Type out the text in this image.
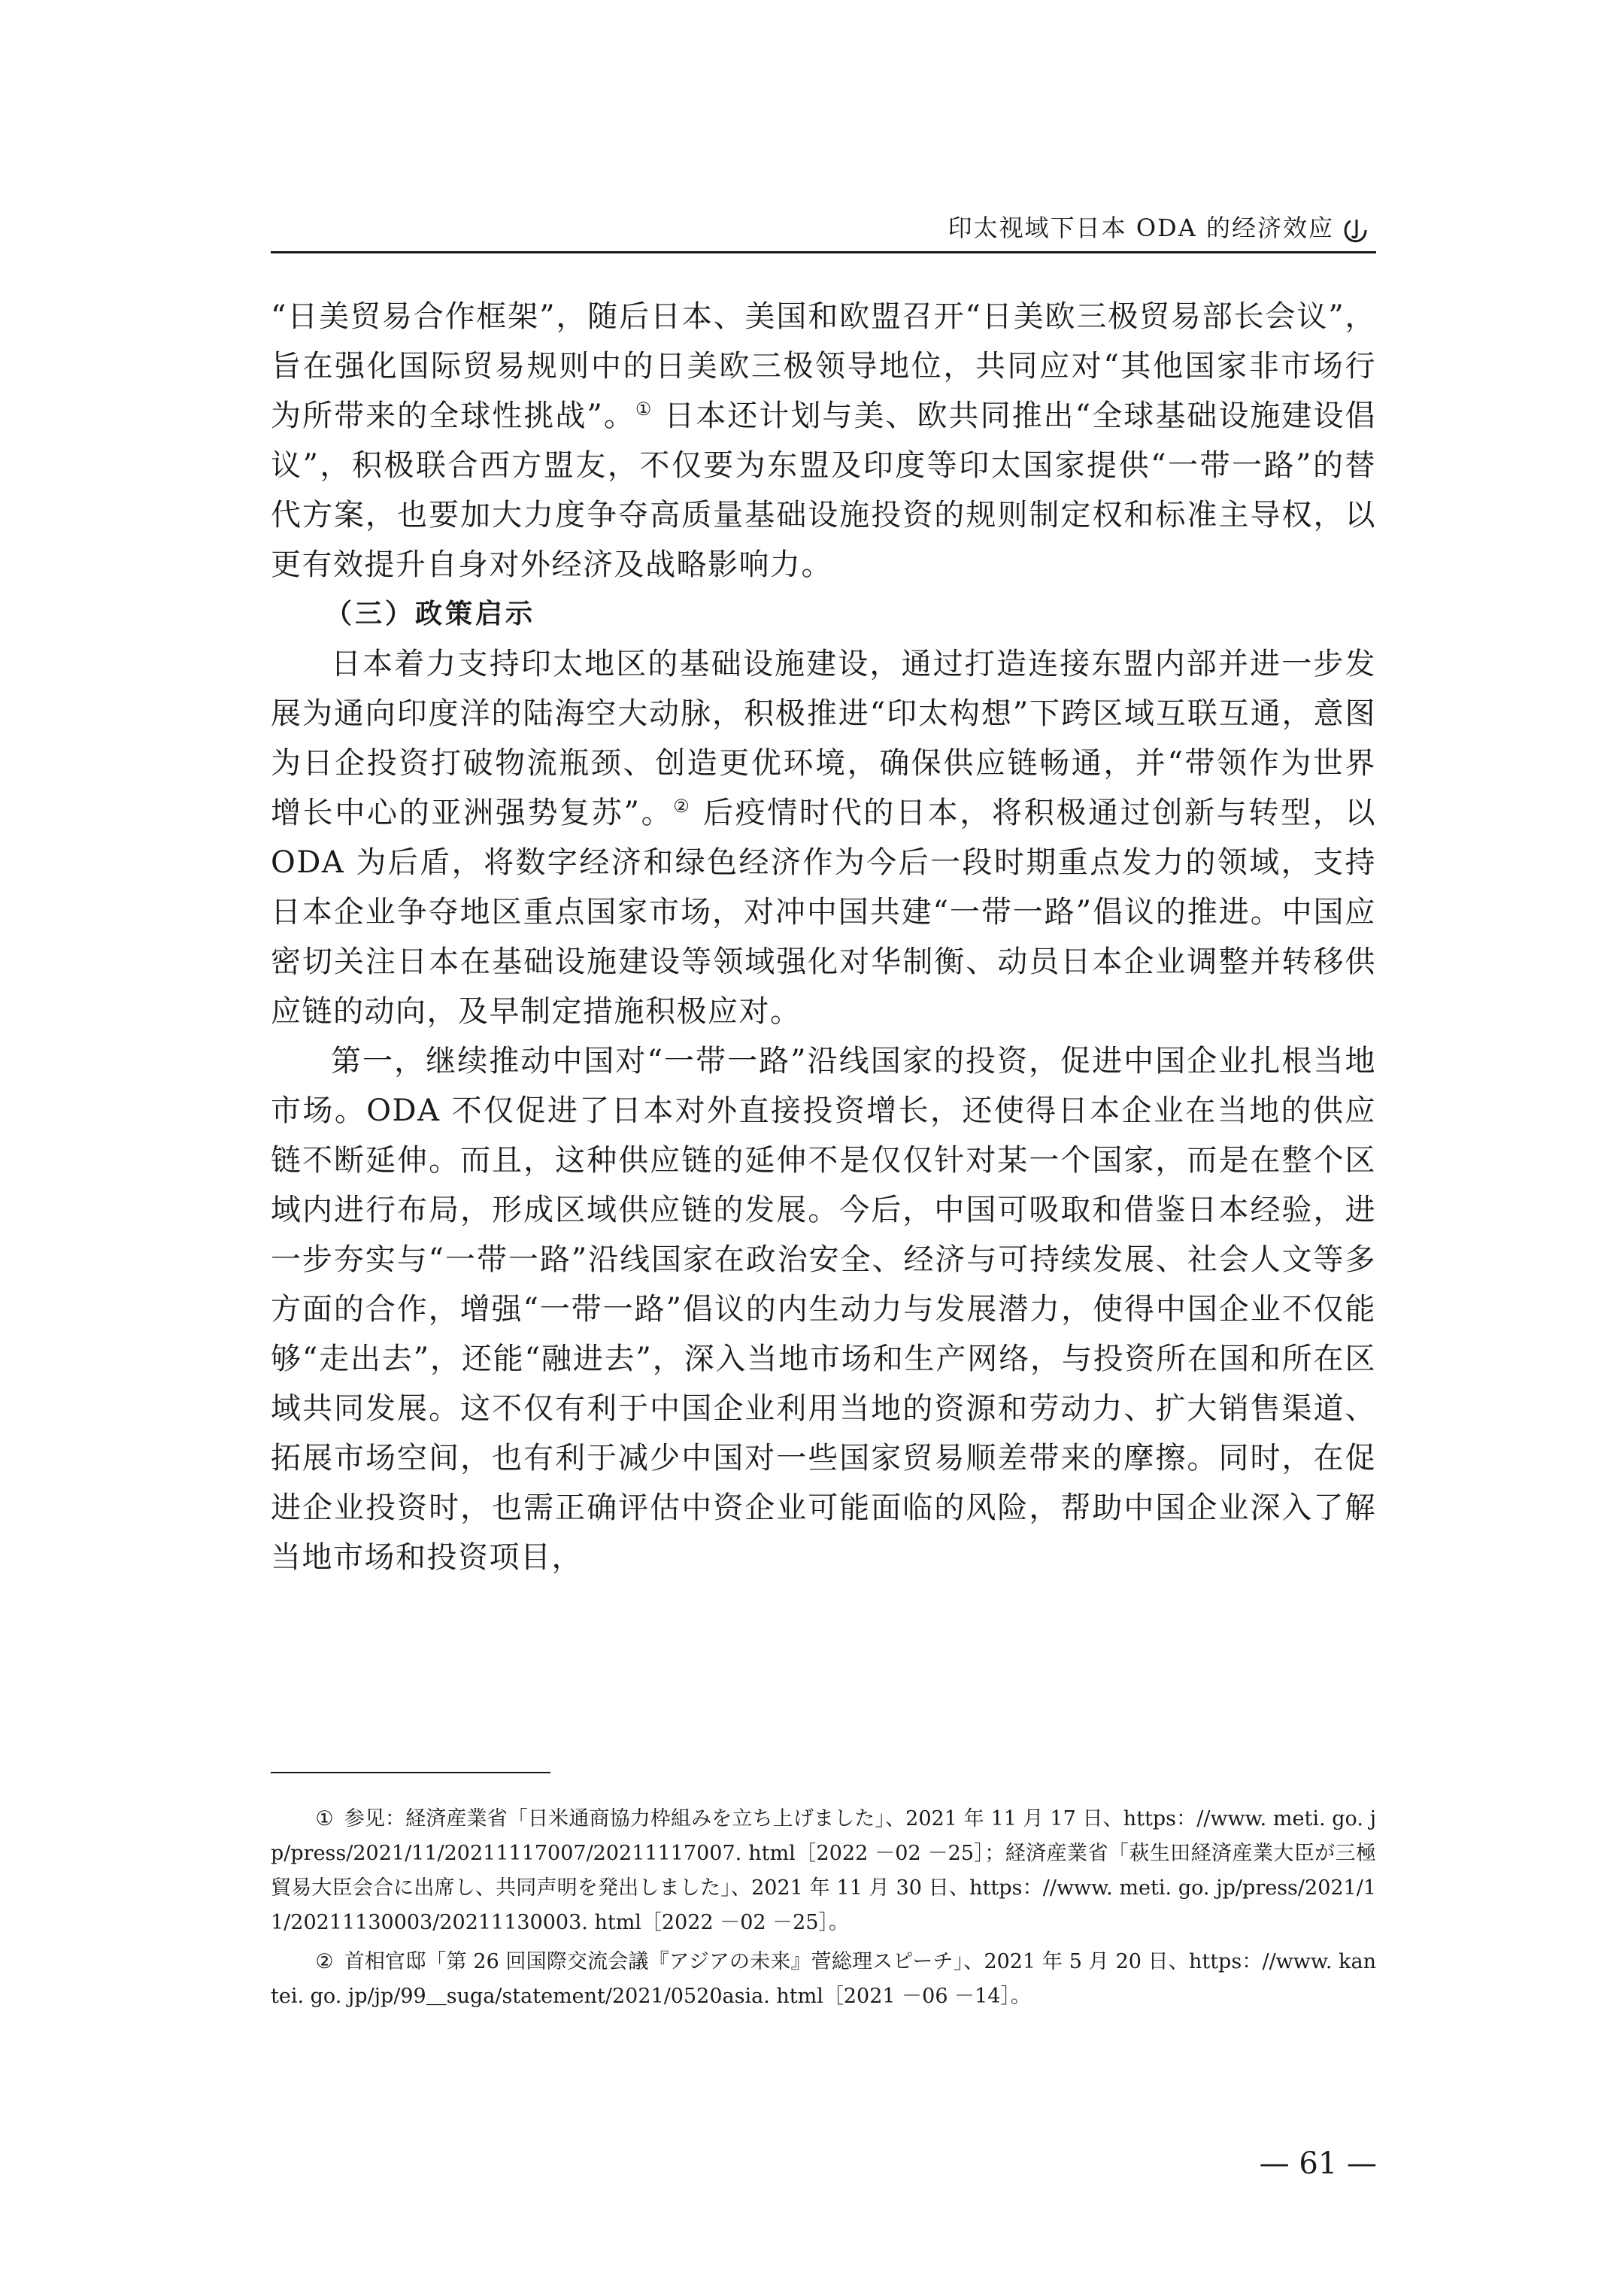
印太视域下日本 ODA 的经济效应

“日美贸易合作框架”，随后日本、美国和欧盟召开“日美欧三极贸易部长会议”，旨在强化国际贸易规则中的日美欧三极领导地位，共同应对“其他国家非市场行为所带来的全球性挑战”。① 日本还计划与美、欧共同推出“全球基础设施建设倡议”，积极联合西方盟友，不仅要为东盟及印度等印太国家提供“一带一路”的替代方案，也要加大力度争夺高质量基础设施投资的规则制定权和标准主导权，以更有效提升自身对外经济及战略影响力。

（三）政策启示

日本着力支持印太地区的基础设施建设，通过打造连接东盟内部并进一步发展为通向印度洋的陆海空大动脉，积极推进“印太构想”下跨区域互联互通，意图为日企投资打破物流瓶颈、创造更优环境，确保供应链畅通，并“带领作为世界增长中心的亚洲强势复苏”。② 后疫情时代的日本，将积极通过创新与转型，以 ODA 为后盾，将数字经济和绿色经济作为今后一段时期重点发力的领域，支持日本企业争夺地区重点国家市场，对冲中国共建“一带一路”倡议的推进。中国应密切关注日本在基础设施建设等领域强化对华制衡、动员日本企业调整并转移供应链的动向，及早制定措施积极应对。

第一，继续推动中国对“一带一路”沿线国家的投资，促进中国企业扎根当地市场。ODA 不仅促进了日本对外直接投资增长，还使得日本企业在当地的供应链不断延伸。而且，这种供应链的延伸不是仅仅针对某一个国家，而是在整个区域内进行布局，形成区域供应链的发展。今后，中国可吸取和借鉴日本经验，进一步夯实与“一带一路”沿线国家在政治安全、经济与可持续发展、社会人文等多方面的合作，增强“一带一路”倡议的内生动力与发展潜力，使得中国企业不仅能够“走出去”，还能“融进去”，深入当地市场和生产网络，与投资所在国和所在区域共同发展。这不仅有利于中国企业利用当地的资源和劳动力、扩大销售渠道、拓展市场空间，也有利于减少中国对一些国家贸易顺差带来的摩擦。同时，在促进企业投资时，也需正确评估中资企业可能面临的风险，帮助中国企业深入了解当地市场和投资项目，

① 参见：経済産業省「日米通商協力枠組みを立ち上げました」、2021 年 11 月 17 日、https：//www. meti. go. jp/press/2021/11/20211117007/20211117007. html［2022 －02 －25］；経済産業省「萩生田経済産業大臣が三極貿易大臣会合に出席し、共同声明を発出しました」、2021 年 11 月 30 日、https：//www. meti. go. jp/press/2021/11/20211130003/20211130003. html［2022 －02 －25］。

② 首相官邸「第 26 回国際交流会議『アジアの未来』菅総理スピーチ」、2021 年 5 月 20 日、https：//www. kantei. go. jp/jp/99＿suga/statement/2021/0520asia. html［2021 －06 －14］。

— 61 —
